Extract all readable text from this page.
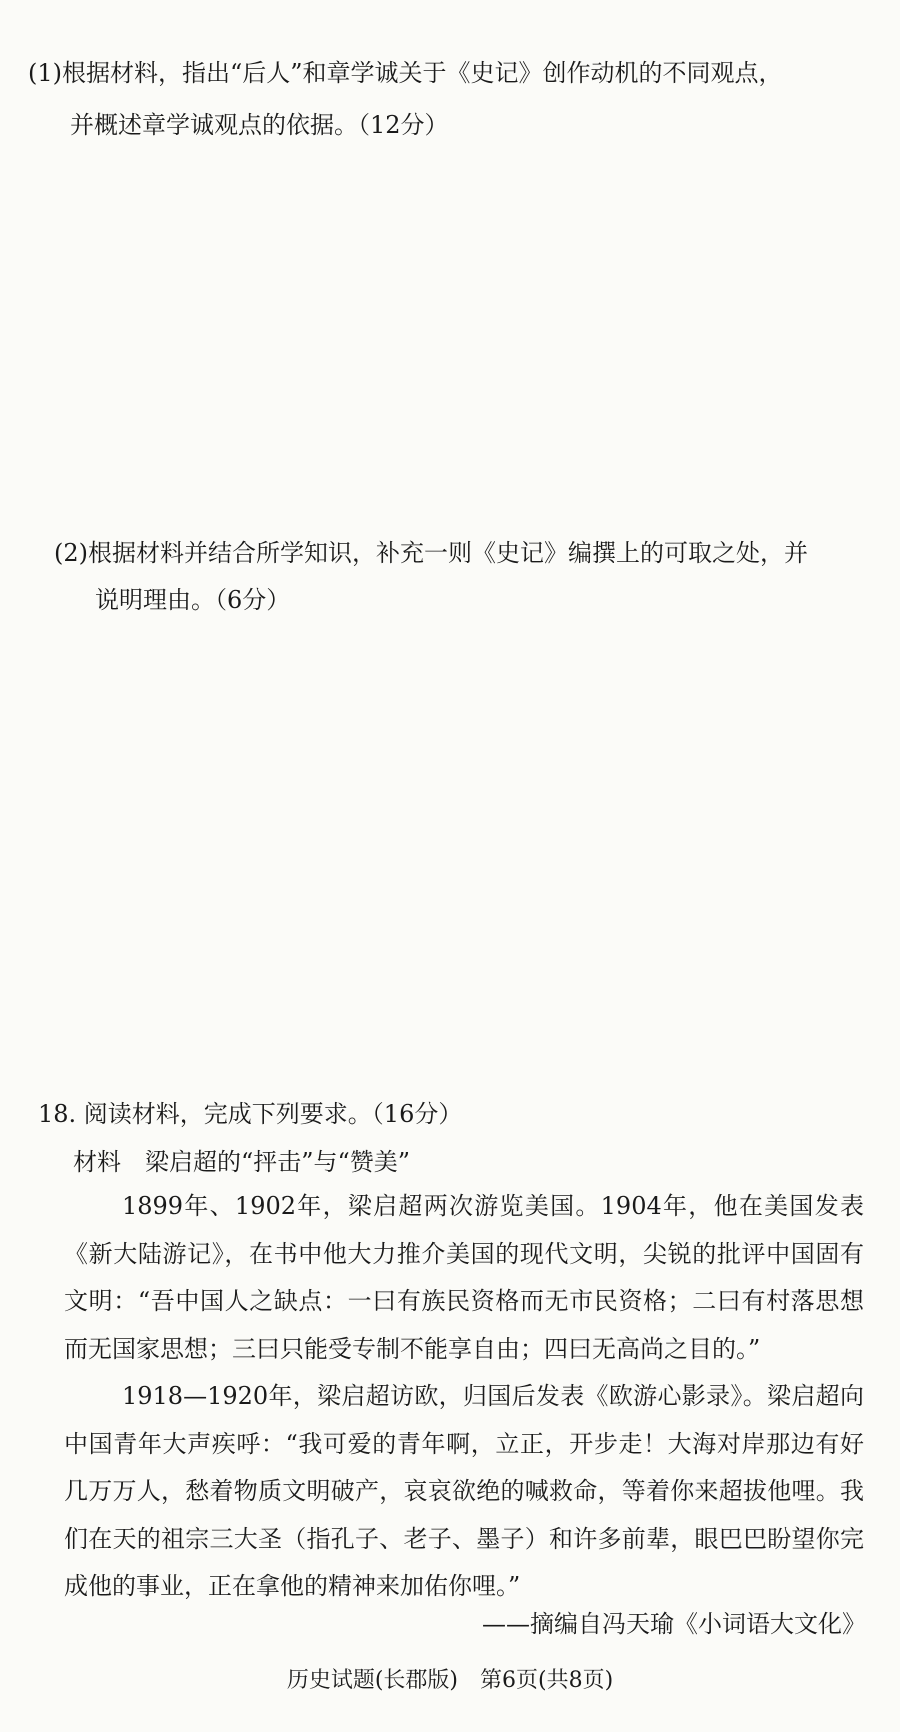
(1)根据材料，指出“后人”和章学诚关于《史记》创作动机的不同观点，
并概述章学诚观点的依据。（12分）
(2)根据材料并结合所学知识，补充一则《史记》编撰上的可取之处，并
说明理由。（6分）
18. 阅读材料，完成下列要求。（16分）
材料　梁启超的“抨击”与“赞美”
1899年、1902年，梁启超两次游览美国。1904年，他在美国发表《新大陆游记》，在书中他大力推介美国的现代文明，尖锐的批评中国固有文明：“吾中国人之缺点：一曰有族民资格而无市民资格；二曰有村落思想而无国家思想；三曰只能受专制不能享自由；四曰无高尚之目的。”
1918—1920年，梁启超访欧，归国后发表《欧游心影录》。梁启超向中国青年大声疾呼：“我可爱的青年啊，立正，开步走！大海对岸那边有好几万万人，愁着物质文明破产，哀哀欲绝的喊救命，等着你来超拔他哩。我们在天的祖宗三大圣（指孔子、老子、墨子）和许多前辈，眼巴巴盼望你完成他的事业，正在拿他的精神来加佑你哩。”
——摘编自冯天瑜《小词语大文化》
历史试题(长郡版)　第6页(共8页)
